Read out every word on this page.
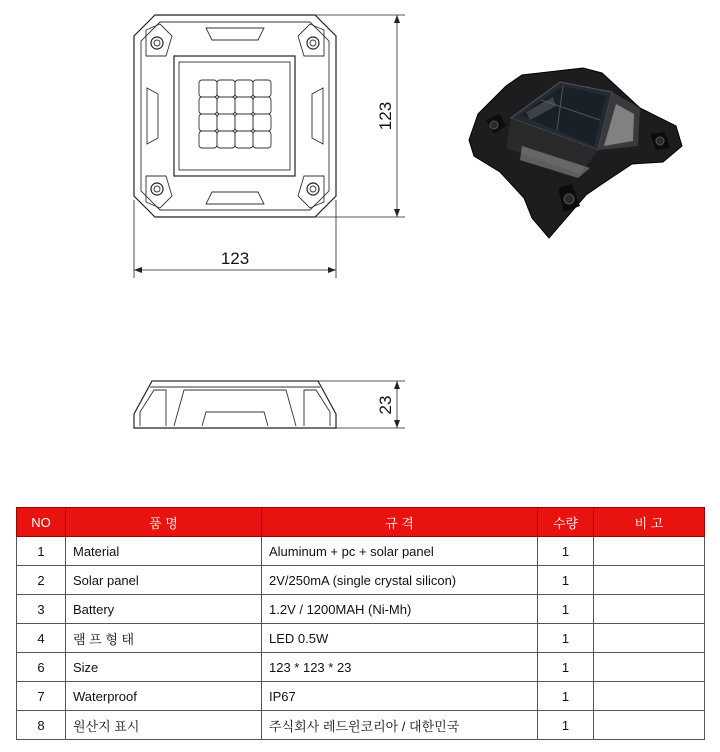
123
123
23
NO	품 명	규 격	수량	비 고
1	Material	Aluminum + pc + solar panel	1	
2	Solar panel	2V/250mA (single crystal silicon)	1	
3	Battery	1.2V / 1200MAH (Ni-Mh)	1	
4	램 프 형 태	LED 0.5W	1	
6	Size	123 * 123 * 23	1	
7	Waterproof	IP67	1	
8	원산지 표시	주식회사 레드윈코리아 / 대한민국	1	
